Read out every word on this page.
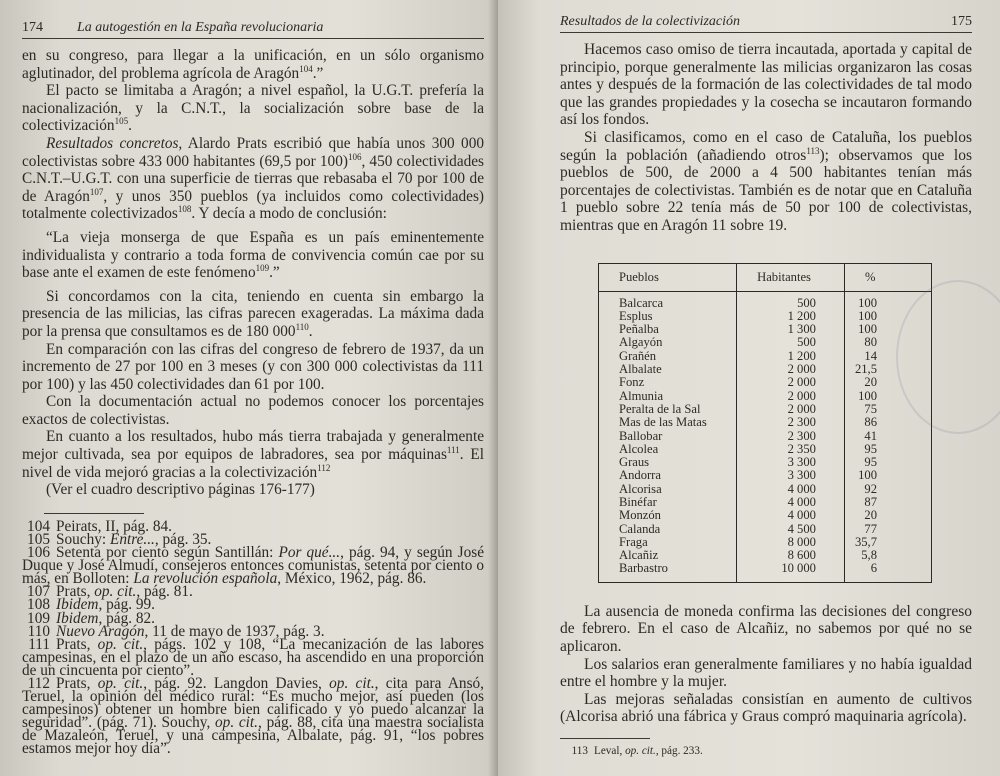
174 La autogestión en la España revolucionaria

en su congreso, para llegar a la unificación, en un sólo organismo aglutinador, del problema agrícola de Aragón$^{104}$.”

El pacto se limitaba a Aragón; a nivel español, la U.G.T. prefería la nacionalización, y la C.N.T., la socialización sobre base de la colectivización$^{105}$.

Resultados concretos, Alardo Prats escribió que había unos 300 000 colectivistas sobre 433 000 habitantes (69,5 por 100)$^{106}$, 450 colectividades C.N.T.–U.G.T. con una superficie de tierras que rebasaba el 70 por 100 de de Aragón$^{107}$, y unos 350 pueblos (ya incluidos como colectividades) totalmente colectivizados$^{108}$. Y decía a modo de conclusión:

“La vieja monserga de que España es un país eminentemente individualista y contrario a toda forma de convivencia común cae por su base ante el examen de este fenómeno$^{109}$.”

Si concordamos con la cita, teniendo en cuenta sin embargo la presencia de las milicias, las cifras parecen exageradas. La máxima dada por la prensa que consultamos es de 180 $000^{110}$.

En comparación con las cifras del congreso de febrero de 1937, da un incremento de 27 por 100 en 3 meses (y con 300 000 colectivistas da 111 por 100) y las 450 colectividades dan 61 por 100.

Con la documentación actual no podemos conocer los porcentajes exactos de colectivistas.

En cuanto a los resultados, hubo más tierra trabajada y generalmente mejor cultivada, sea por equipos de labradores, sea por máquinas$^{111}$. El nivel de vida mejoró gracias a la colectivización$^{112}$

(Ver el cuadro descriptivo páginas 176-177)

104 Peirats, II, pág. 84.

105 Souchy: Entre..., pág. 35.

106 Setenta por ciento según Santillán: Por qué..., pág. 94, y según José Duque y José Almudí, consejeros entonces comunistas, setenta por ciento o más, en Bolloten: La revolución española, México, 1962, pág. 86.

107 Prats, op. cit., pág. 81.

108 Ibidem, pág. 99.

109 Ibidem, pág. 82.

110 Nuevo Aragón, 11 de mayo de 1937, pág. 3.

111 Prats, op. cit., págs. 102 y 108, “La mecanización de las labores campesinas, en el plazo de un año escaso, ha ascendido en una proporción de un cincuenta por ciento”.

112 Prats, op. cit., pág. 92. Langdon Davies, op. cit., cita para Ansó, Teruel, la opinión del médico rural: “Es mucho mejor, así pueden (los campesinos) obtener un hombre bien calificado y yo puedo alcanzar la seguridad”. (pág. 71). Souchy, op. cit., pág. 88, cita una maestra socialista de Mazaleón, Teruel, y una campesina, Albalate, pág. 91, “los pobres estamos mejor hoy día”.

Resultados de la colectivización	175

Hacemos caso omiso de tierra incautada, aportada y capital de principio, porque generalmente las milicias organizaron las cosas antes y después de la formación de las colectividades de tal modo que las grandes propiedades y la cosecha se incautaron formando así los fondos.

Si clasificamos, como en el caso de Cataluña, los pueblos según la población (añadiendo otros$^{113}$); observamos que los pueblos de 500, de 2000 a 4 500 habitantes tenían más porcentajes de colectivistas. También es de notar que en Cataluña 1 pueblo sobre 22 tenía más de 50 por 100 de colectivistas, mientras que en Aragón 11 sobre 19.

Pueblos	Habitantes	%
Balcarca	500	100
Esplus	1 200	100
Peñalba	1 300	100
Algayón	500	80
Grañén	1 200	14
Albalate	2 000	21,5
Fonz	2 000	20
Almunia	2 000	100
Peralta de la Sal	2 000	75
Mas de las Matas	2 300	86
Ballobar	2 300	41
Alcolea	2 350	95
Graus	3 300	95
Andorra	3 300	100
Alcorisa	4 000	92
Binéfar	4 000	87
Monzón	4 000	20
Calanda	4 500	77
Fraga	8 000	35,7
Alcañiz	8 600	5,8
Barbastro	10 000	6

La ausencia de moneda confirma las decisiones del congreso de febrero. En el caso de Alcañiz, no sabemos por qué no se aplicaron.

Los salarios eran generalmente familiares y no había igualdad entre el hombre y la mujer.

Las mejoras señaladas consistían en aumento de cultivos (Alcorisa abrió una fábrica y Graus compró maquinaria agrícola).

113 Leval, op. cit., pág. 233.
